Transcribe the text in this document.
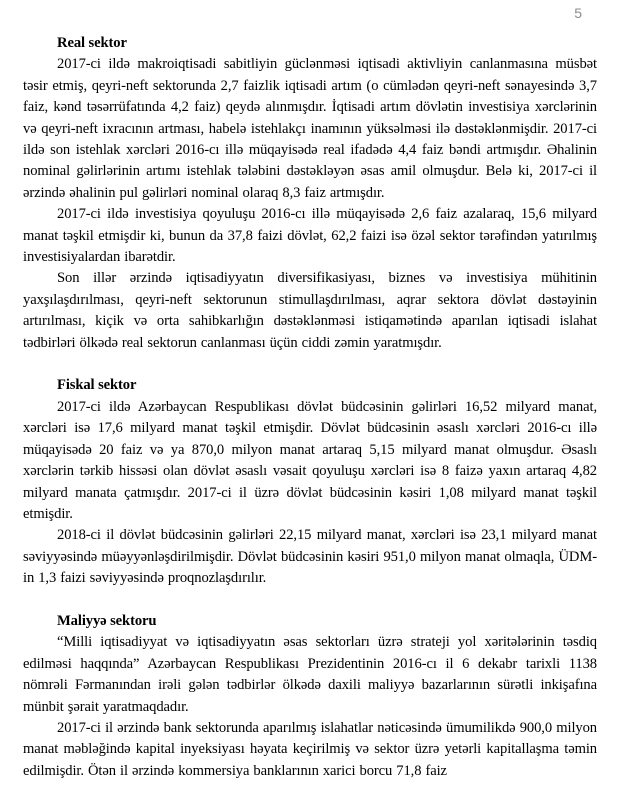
5
Real sektor

2017-ci ildə makroiqtisadi sabitliyin güclənməsi iqtisadi aktivliyin canlanmasına müsbət təsir etmiş, qeyri-neft sektorunda 2,7 faizlik iqtisadi artım (o cümlədən qeyri-neft sənayesində 3,7 faiz, kənd təsərrüfatında 4,2 faiz) qeydə alınmışdır. İqtisadi artım dövlətin investisiya xərclərinin və qeyri-neft ixracının artması, habelə istehlakçı inamının yüksəlməsi ilə dəstəklənmişdir. 2017-ci ildə son istehlak xərcləri 2016-cı illə müqayisədə real ifadədə 4,4 faiz bəndi artmışdır. Əhalinin nominal gəlirlərinin artımı istehlak tələbini dəstəkləyən əsas amil olmuşdur. Belə ki, 2017-ci il ərzində əhalinin pul gəlirləri nominal olaraq 8,3 faiz artmışdır.

2017-ci ildə investisiya qoyuluşu 2016-cı illə müqayisədə 2,6 faiz azalaraq, 15,6 milyard manat təşkil etmişdir ki, bunun da 37,8 faizi dövlət, 62,2 faizi isə özəl sektor tərəfindən yatırılmış investisiyalardan ibarətdir.

Son illər ərzində iqtisadiyyatın diversifikasiyası, biznes və investisiya mühitinin yaxşılaşdırılması, qeyri-neft sektorunun stimullaşdırılması, aqrar sektora dövlət dəstəyinin artırılması, kiçik və orta sahibkarlığın dəstəklənməsi istiqamətində aparılan iqtisadi islahat tədbirləri ölkədə real sektorun canlanması üçün ciddi zəmin yaratmışdır.

Fiskal sektor

2017-ci ildə Azərbaycan Respublikası dövlət büdcəsinin gəlirləri 16,52 milyard manat, xərcləri isə 17,6 milyard manat təşkil etmişdir. Dövlət büdcəsinin əsaslı xərcləri 2016-cı illə müqayisədə 20 faiz və ya 870,0 milyon manat artaraq 5,15 milyard manat olmuşdur. Əsaslı xərclərin tərkib hissəsi olan dövlət əsaslı vəsait qoyuluşu xərcləri isə 8 faizə yaxın artaraq 4,82 milyard manata çatmışdır. 2017-ci il üzrə dövlət büdcəsinin kəsiri 1,08 milyard manat təşkil etmişdir.

2018-ci il dövlət büdcəsinin gəlirləri 22,15 milyard manat, xərcləri isə 23,1 milyard manat səviyyəsində müəyyənləşdirilmişdir. Dövlət büdcəsinin kəsiri 951,0 milyon manat olmaqla, ÜDM-in 1,3 faizi səviyyəsində proqnozlaşdırılır.

Maliyyə sektoru

“Milli iqtisadiyyat və iqtisadiyyatın əsas sektorları üzrə strateji yol xəritələrinin təsdiq edilməsi haqqında” Azərbaycan Respublikası Prezidentinin 2016-cı il 6 dekabr tarixli 1138 nömrəli Fərmanından irəli gələn tədbirlər ölkədə daxili maliyyə bazarlarının sürətli inkişafına münbit şərait yaratmaqdadır.

2017-ci il ərzində bank sektorunda aparılmış islahatlar nəticəsində ümumilikdə 900,0 milyon manat məbləğində kapital inyeksiyası həyata keçirilmiş və sektor üzrə yetərli kapitallaşma təmin edilmişdir. Ötən il ərzində kommersiya banklarının xarici borcu 71,8 faiz
